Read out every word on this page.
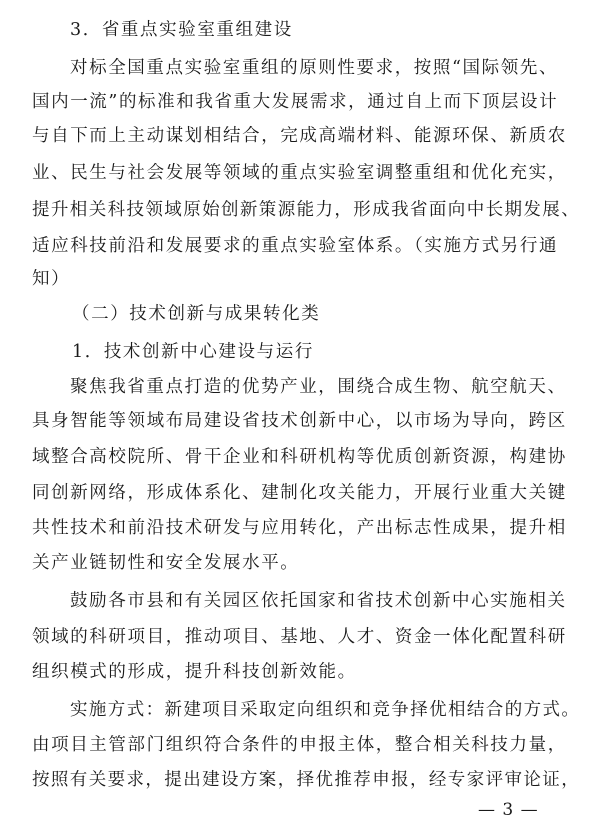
3．省重点实验室重组建设
对标全国重点实验室重组的原则性要求，按照“国际领先、
国内一流”的标准和我省重大发展需求，通过自上而下顶层设计
与自下而上主动谋划相结合，完成高端材料、能源环保、新质农
业、民生与社会发展等领域的重点实验室调整重组和优化充实，
提升相关科技领域原始创新策源能力，形成我省面向中长期发展、
适应科技前沿和发展要求的重点实验室体系。（实施方式另行通
知）
（二）技术创新与成果转化类
1．技术创新中心建设与运行
聚焦我省重点打造的优势产业，围绕合成生物、航空航天、
具身智能等领域布局建设省技术创新中心，以市场为导向，跨区
域整合高校院所、骨干企业和科研机构等优质创新资源，构建协
同创新网络，形成体系化、建制化攻关能力，开展行业重大关键
共性技术和前沿技术研发与应用转化，产出标志性成果，提升相
关产业链韧性和安全发展水平。
鼓励各市县和有关园区依托国家和省技术创新中心实施相关
领域的科研项目，推动项目、基地、人才、资金一体化配置科研
组织模式的形成，提升科技创新效能。
实施方式：新建项目采取定向组织和竞争择优相结合的方式。
由项目主管部门组织符合条件的申报主体，整合相关科技力量，
按照有关要求，提出建设方案，择优推荐申报，经专家评审论证，
— 3 —
